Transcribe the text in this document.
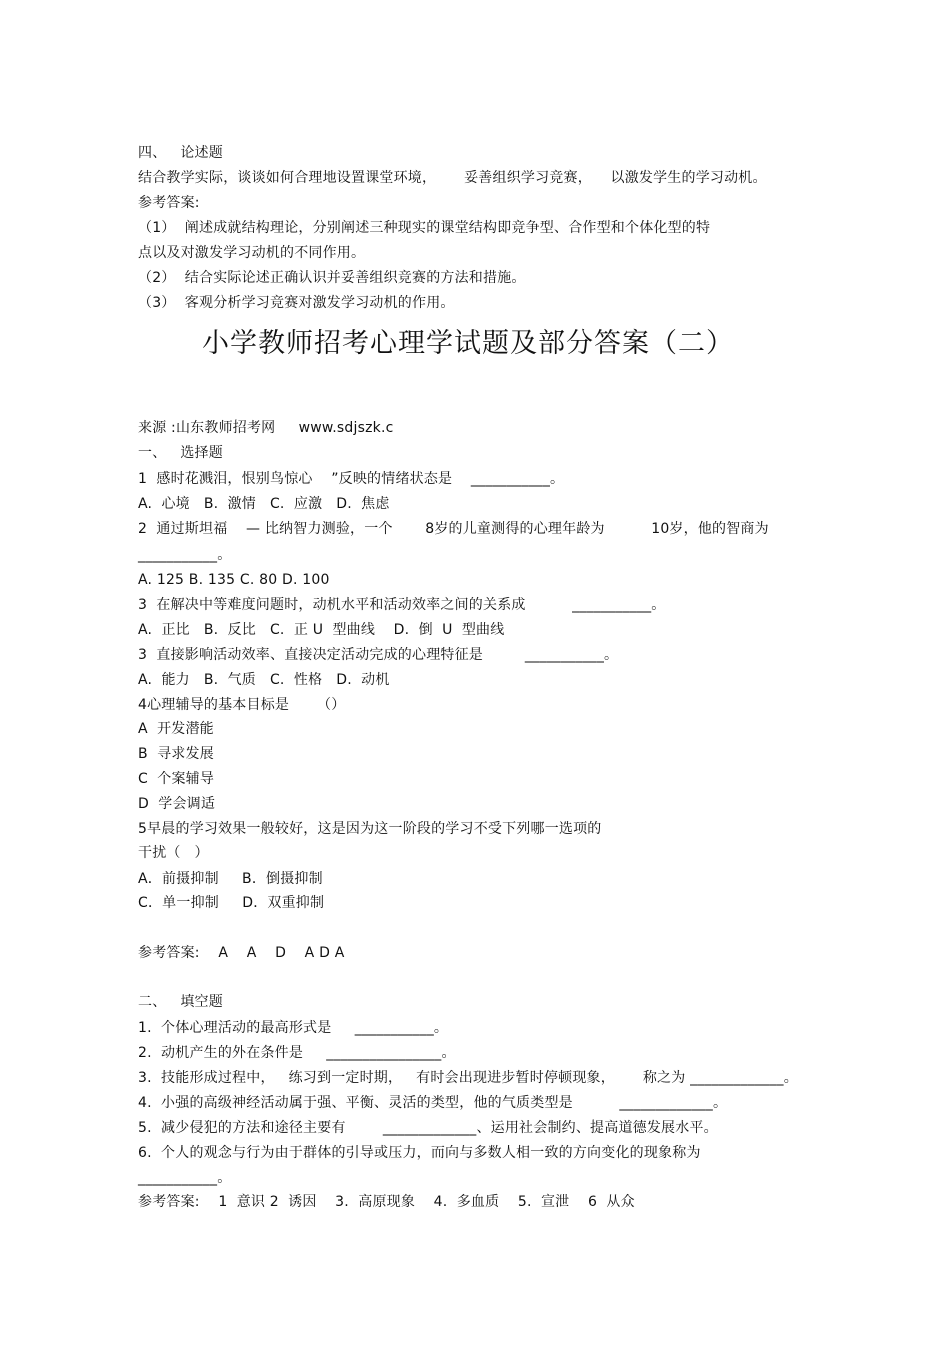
四、   论述题

结合教学实际，谈谈如何合理地设置课堂环境，      妥善组织学习竞赛，    以激发学生的学习动机。

参考答案:

（1）  阐述成就结构理论，分别阐述三种现实的课堂结构即竞争型、合作型和个体化型的特

点以及对激发学习动机的不同作用。

（2）  结合实际论述正确认识并妥善组织竞赛的方法和措施。

（3）  客观分析学习竞赛对激发学习动机的作用。

小学教师招考心理学试题及部分答案（二）

来源 :山东教师招考网     www.sdjszk.c

一、   选择题

1  感时花溅泪，恨别鸟惊心    ”反映的情绪状态是    ___________。

A.  心境   B.  激情   C.  应激   D.  焦虑

2  通过斯坦福    — 比纳智力测验，一个       8岁的儿童测得的心理年龄为          10岁，他的智商为

___________。

A. 125 B. 135 C. 80 D. 100

3  在解决中等难度问题时，动机水平和活动效率之间的关系成          ___________。

A.  正比   B.  反比   C.  正 U  型曲线    D.  倒  U  型曲线

3  直接影响活动效率、直接决定活动完成的心理特征是         ___________。

A.  能力   B.  气质   C.  性格   D.  动机

4心理辅导的基本目标是      （）

A  开发潜能

B  寻求发展

C  个案辅导

D  学会调适

5早晨的学习效果一般较好，这是因为这一阶段的学习不受下列哪一选项的

干扰（   ）

A．前摄抑制     B．倒摄抑制

C．单一抑制     D．双重抑制

参考答案:    A    A    D    A D A

二、   填空题

1.  个体心理活动的最高形式是     ___________。

2.  动机产生的外在条件是     ________________。

3.  技能形成过程中，   练习到一定时期，   有时会出现进步暂时停顿现象，      称之为 _____________。

4.  小强的高级神经活动属于强、平衡、灵活的类型，他的气质类型是          _____________。

5.  减少侵犯的方法和途径主要有        _____________、运用社会制约、提高道德发展水平。

6.  个人的观念与行为由于群体的引导或压力，而向与多数人相一致的方向变化的现象称为

___________。

参考答案:    1  意识 2  诱因    3.  高原现象    4.  多血质    5.  宣泄    6  从众
